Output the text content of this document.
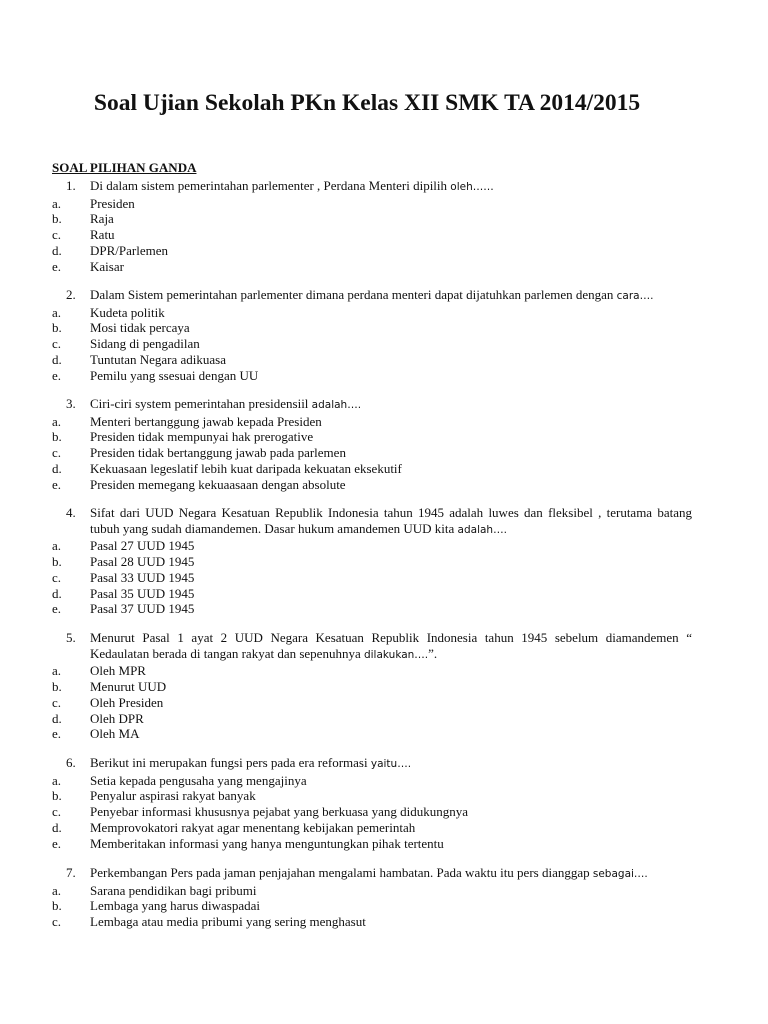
Soal Ujian Sekolah PKn Kelas XII SMK TA 2014/2015
SOAL PILIHAN GANDA
1.	Di dalam sistem pemerintahan parlementer , Perdana Menteri dipilih oleh……
a.	Presiden
b.	Raja
c.	Ratu
d.	DPR/Parlemen
e.	Kaisar
2.	Dalam Sistem pemerintahan parlementer dimana perdana menteri dapat dijatuhkan parlemen dengan cara….
a.	Kudeta politik
b.	Mosi tidak percaya
c.	Sidang di pengadilan
d.	Tuntutan Negara adikuasa
e.	Pemilu yang ssesuai dengan UU
3.	Ciri-ciri system pemerintahan presidensiil adalah….
a.	Menteri bertanggung jawab kepada Presiden
b.	Presiden tidak mempunyai hak prerogative
c.	Presiden tidak bertanggung jawab pada parlemen
d.	Kekuasaan legeslatif lebih kuat daripada kekuatan eksekutif
e.	Presiden memegang kekuaasaan dengan absolute
4.	Sifat dari UUD Negara Kesatuan Republik Indonesia tahun 1945 adalah luwes dan fleksibel , terutama batang tubuh yang sudah diamandemen. Dasar hukum amandemen UUD kita adalah….
a.	Pasal 27 UUD 1945
b.	Pasal 28 UUD 1945
c.	Pasal 33 UUD 1945
d.	Pasal 35 UUD 1945
e.	Pasal 37 UUD 1945
5.	Menurut Pasal 1 ayat 2 UUD Negara Kesatuan Republik Indonesia tahun 1945 sebelum diamandemen “ Kedaulatan berada di tangan rakyat dan sepenuhnya dilakukan….”.
a.	Oleh MPR
b.	Menurut UUD
c.	Oleh Presiden
d.	Oleh DPR
e.	Oleh MA
6.	Berikut ini merupakan fungsi pers pada era reformasi yaitu….
a.	Setia kepada pengusaha yang mengajinya
b.	Penyalur aspirasi rakyat banyak
c.	Penyebar informasi khususnya pejabat yang berkuasa yang didukungnya
d.	Memprovokatori rakyat agar menentang kebijakan pemerintah
e.	Memberitakan informasi yang hanya menguntungkan pihak tertentu
7.	Perkembangan Pers pada jaman penjajahan mengalami hambatan. Pada waktu itu pers dianggap sebagai….
a.	Sarana pendidikan bagi pribumi
b.	Lembaga yang harus diwaspadai
c.	Lembaga atau media pribumi yang sering menghasut
